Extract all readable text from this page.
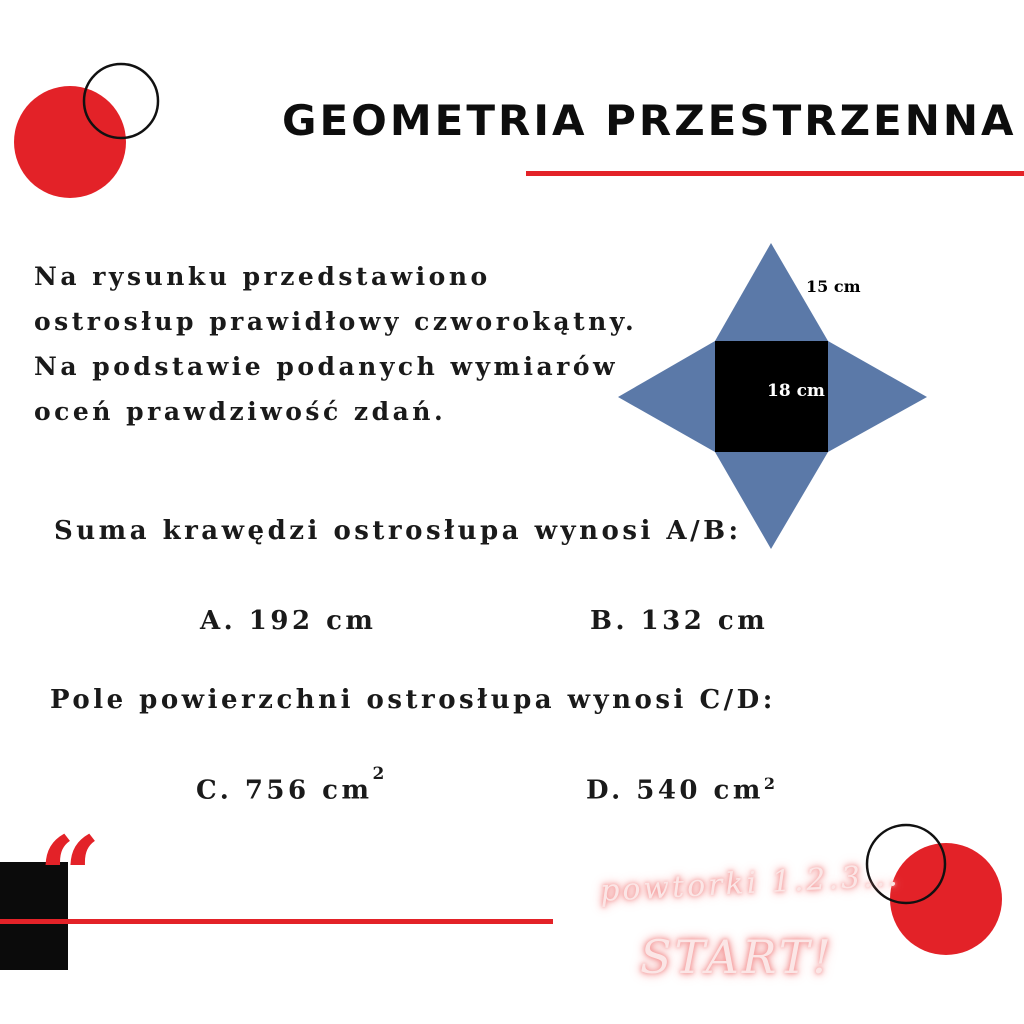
15 cm
18 cm
GEOMETRIA PRZESTRZENNA
Na rysunku przedstawiono
ostrosłup prawidłowy czworokątny.
Na podstawie podanych wymiarów
oceń prawdziwość zdań.
Suma krawędzi ostrosłupa wynosi A/B:
A. 192 cm	B. 132 cm
Pole powierzchni ostrosłupa wynosi C/D:
C. 756 $cm^2$
D. 540 $cm^2$
“	powtorki 1.2.3...
START!
